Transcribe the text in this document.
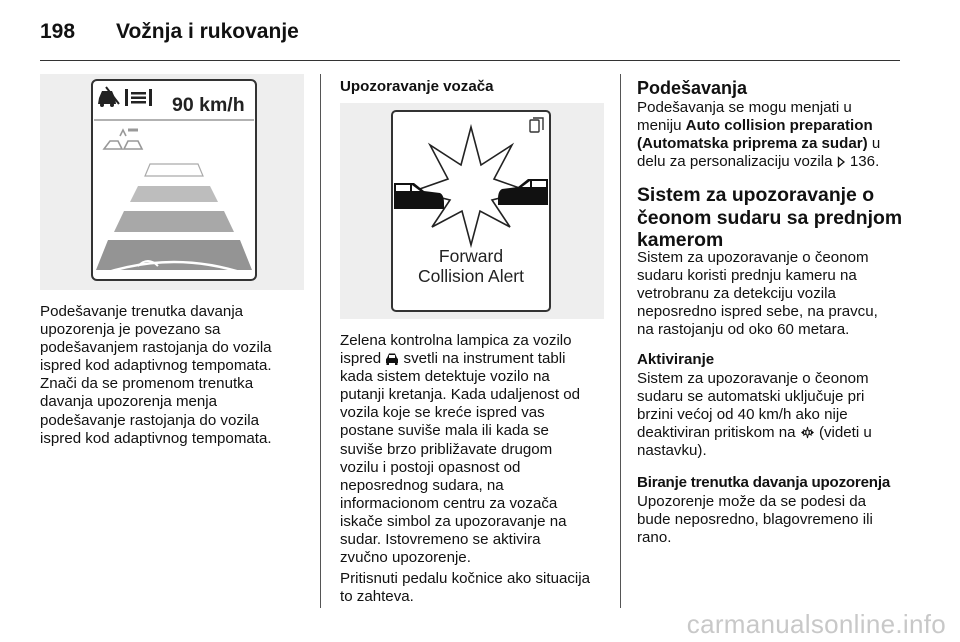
198 Vožnja i rukovanje
90 km/h
Podešavanje trenutka davanja
upozorenja je povezano sa
podešavanjem rastojanja do vozila
ispred kod adaptivnog tempomata.
Znači da se promenom trenutka
davanja upozorenja menja
podešavanje rastojanja do vozila
ispred kod adaptivnog tempomata.
Upozoravanje vozača
Forward
Collision Alert
Zelena kontrolna lampica za vozilo
ispred svetli na instrument tabli
kada sistem detektuje vozilo na
putanji kretanja. Kada udaljenost od
vozila koje se kreće ispred vas
postane suviše mala ili kada se
suviše brzo približavate drugom
vozilu i postoji opasnost od
neposrednog sudara, na
informacionom centru za vozača
iskače simbol za upozoravanje na
sudar. Istovremeno se aktivira
zvučno upozorenje.
Pritisnuti pedalu kočnice ako situacija
to zahteva.
Podešavanja
Podešavanja se mogu menjati u
meniju Auto collision preparation
(Automatska priprema za sudar) u
delu za personalizaciju vozila  136.
Sistem za upozoravanje o
čeonom sudaru sa prednjom
kamerom
Sistem za upozoravanje o čeonom
sudaru koristi prednju kameru na
vetrobranu za detekciju vozila
neposredno ispred sebe, na pravcu,
na rastojanju od oko 60 metara.
Aktiviranje
Sistem za upozoravanje o čeonom
sudaru se automatski uključuje pri
brzini većoj od 40 km/h ako nije
deaktiviran pritiskom na  (videti u
nastavku).
Biranje trenutka davanja upozorenja
Upozorenje može da se podesi da
bude neposredno, blagovremeno ili
rano.
carmanualsonline.info
